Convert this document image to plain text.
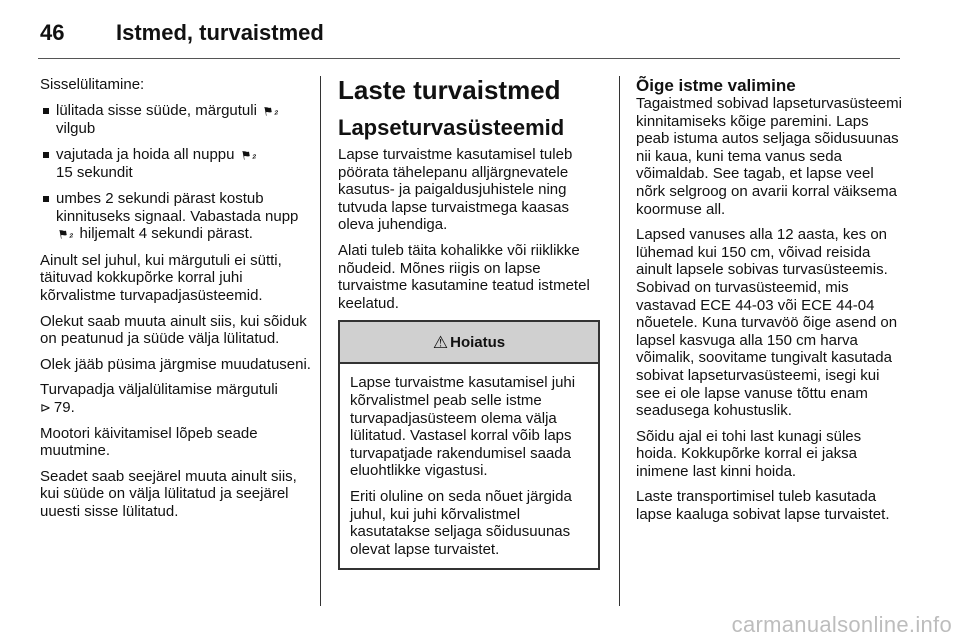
46	Istmed, turvaistmed

Sisselülitamine:

lülitada sisse süüde, märgutuli ⚑₂
vilgub
vajutada ja hoida all nuppu ⚑₂
15 sekundit
umbes 2 sekundi pärast kostub kinnituseks signaal. Vabastada nupp ⚑₂ hiljemalt 4 sekundi pärast.

Ainult sel juhul, kui märgutuli ei sütti, täituvad kokkupõrke korral juhi kõrvalistme turvapadjasüsteemid.

Olekut saab muuta ainult siis, kui sõiduk on peatunud ja süüde välja lülitatud.

Olek jääb püsima järgmise muudatuseni.

Turvapadja väljalülitamise märgutuli
⊳ 79.

Mootori käivitamisel lõpeb seade muutmine.

Seadet saab seejärel muuta ainult siis, kui süüde on välja lülitatud ja seejärel uuesti sisse lülitatud.

Laste turvaistmed
Lapseturvasüsteemid

Lapse turvaistme kasutamisel tuleb pöörata tähelepanu alljärgnevatele kasutus- ja paigaldusjuhistele ning tutvuda lapse turvaistmega kaasas oleva juhendiga.

Alati tuleb täita kohalikke või riiklikke nõudeid. Mõnes riigis on lapse turvaistme kasutamine teatud istmetel keelatud.

⚠ Hoiatus

Lapse turvaistme kasutamisel juhi kõrvalistmel peab selle istme turvapadjasüsteem olema välja lülitatud. Vastasel korral võib laps turvapatjade rakendumisel saada eluohtlikke vigastusi.

Eriti oluline on seda nõuet järgida juhul, kui juhi kõrvalistmel kasutatakse seljaga sõidusuunas olevat lapse turvaistet.

Õige istme valimine

Tagaistmed sobivad lapseturvasüsteemi kinnitamiseks kõige paremini. Laps peab istuma autos seljaga sõidusuunas nii kaua, kuni tema vanus seda võimaldab. See tagab, et lapse veel nõrk selgroog on avarii korral väiksema koormuse all.

Lapsed vanuses alla 12 aasta, kes on lühemad kui 150 cm, võivad reisida ainult lapsele sobivas turvasüsteemis. Sobivad on turvasüsteemid, mis vastavad ECE 44-03 või ECE 44-04 nõuetele. Kuna turvavöö õige asend on lapsel kasvuga alla 150 cm harva võimalik, soovitame tungivalt kasutada sobivat lapseturvasüsteemi, isegi kui see ei ole lapse vanuse tõttu enam seadusega kohustuslik.

Sõidu ajal ei tohi last kunagi süles hoida. Kokkupõrke korral ei jaksa inimene last kinni hoida.

Laste transportimisel tuleb kasutada lapse kaaluga sobivat lapse turvaistet.

carmanualsonline.info
